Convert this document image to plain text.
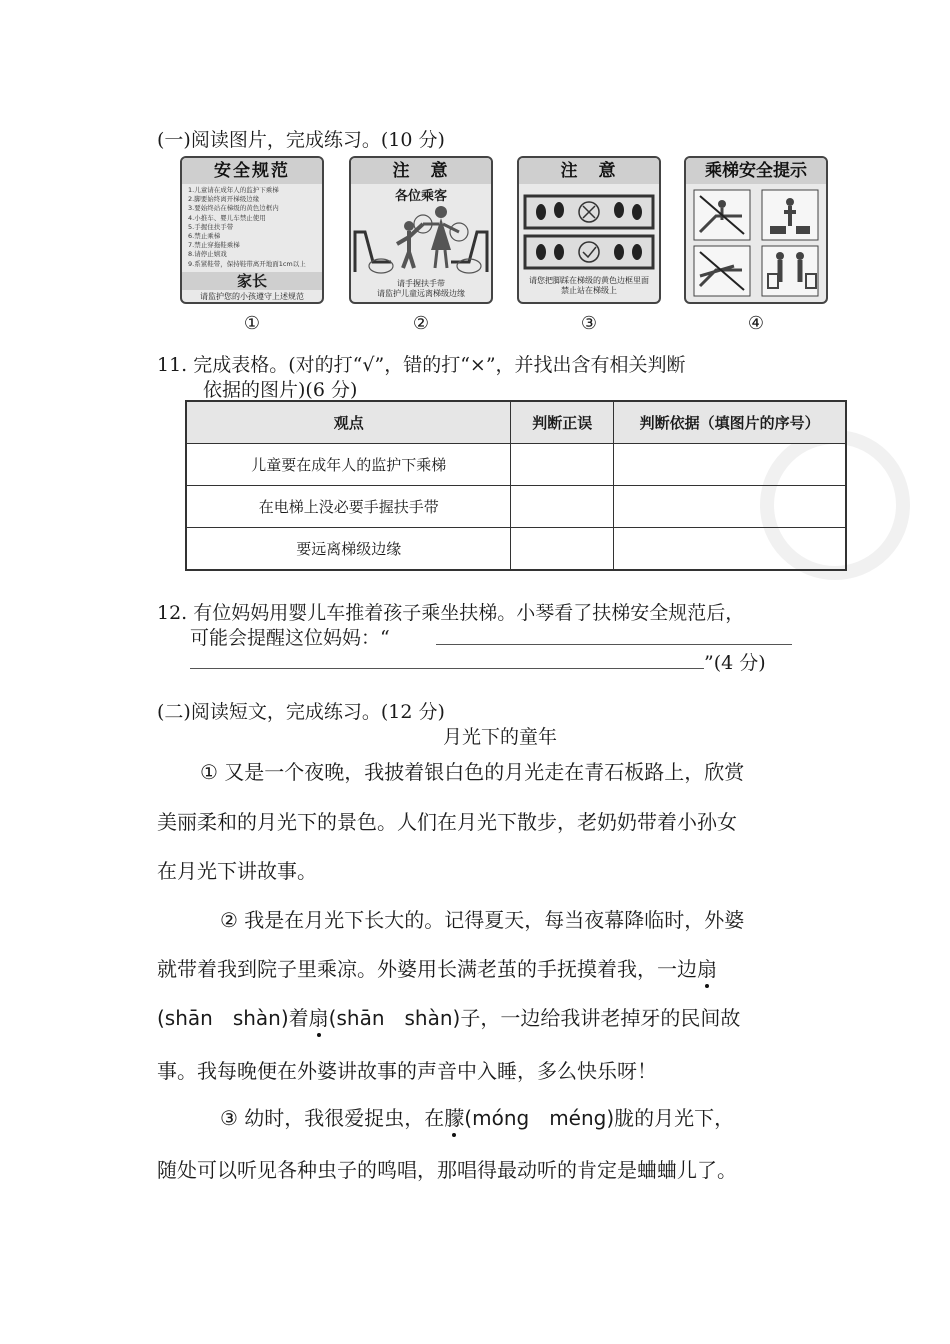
(一)阅读图片，完成练习。(10 分)
安全规范
1.儿童请在成年人的监护下乘梯
2.脚要始终离开梯级边缘
3.要始终站在梯级的黄色边框内
4.小推车、婴儿车禁止使用
5.手握住扶手带
6.禁止乘梯
7.禁止穿拖鞋乘梯
8.请停止嬉戏
9.系紧鞋带，保持鞋带离开地面1cm以上
家长
请监护您的小孩遵守上述规范
注　意
各位乘客
请手握扶手带
请监护儿童远离梯级边缘
注　意
请您把脚踩在梯级的黄色边框里面
禁止站在梯级上
乘梯安全提示
①	②	③	④
11. 完成表格。(对的打“√”，错的打“×”，并找出含有相关判断
依据的图片)(6 分)
观点	判断正误	判断依据（填图片的序号）
儿童要在成年人的监护下乘梯		
在电梯上没必要手握扶手带		
要远离梯级边缘		
12. 有位妈妈用婴儿车推着孩子乘坐扶梯。小琴看了扶梯安全规范后，
可能会提醒这位妈妈：“
”(4 分)
(二)阅读短文，完成练习。(12 分)
月光下的童年
① 又是一个夜晚，我披着银白色的月光走在青石板路上，欣赏
美丽柔和的月光下的景色。人们在月光下散步，老奶奶带着小孙女
在月光下讲故事。
② 我是在月光下长大的。记得夏天，每当夜幕降临时，外婆
就带着我到院子里乘凉。外婆用长满老茧的手抚摸着我，一边扇
(shān　shàn)着扇(shān　shàn)子，一边给我讲老掉牙的民间故
事。我每晚便在外婆讲故事的声音中入睡，多么快乐呀！
③ 幼时，我很爱捉虫，在朦(móng　méng)胧的月光下，
随处可以听见各种虫子的鸣唱，那唱得最动听的肯定是蛐蛐儿了。
